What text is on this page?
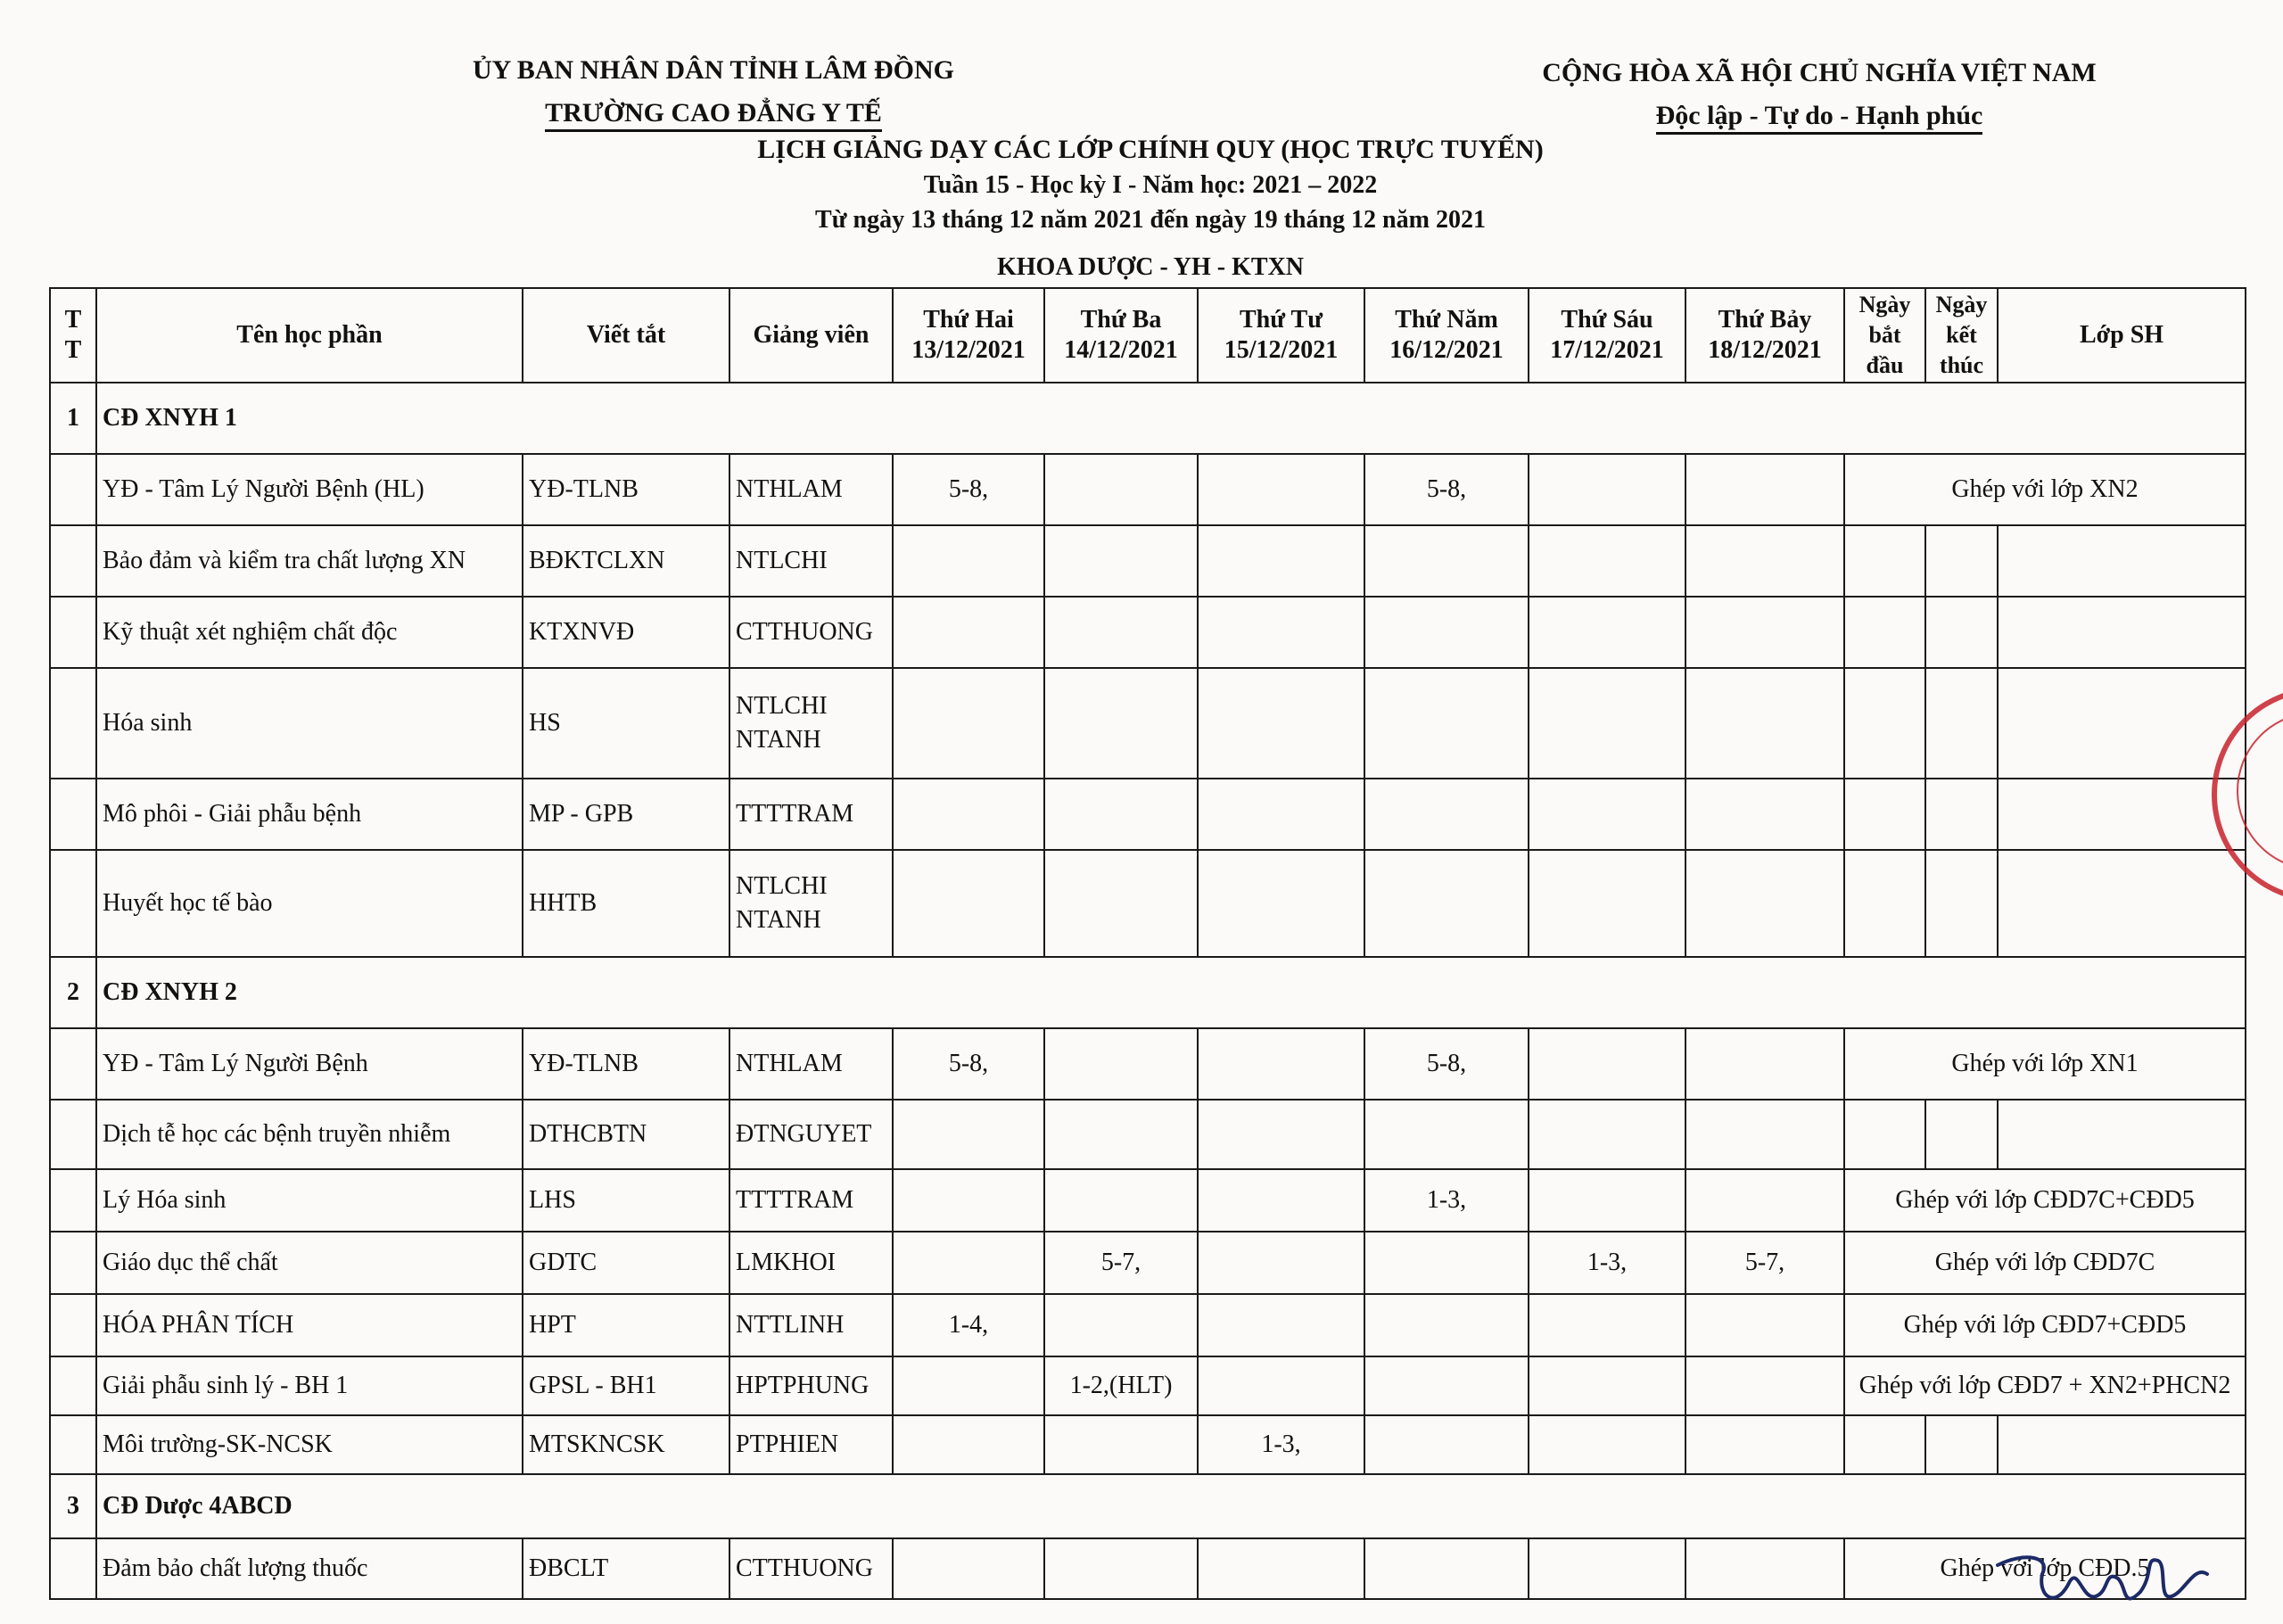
ỦY BAN NHÂN DÂN TỈNH LÂM ĐỒNG
TRƯỜNG CAO ĐẲNG Y TẾ
CỘNG HÒA XÃ HỘI CHỦ NGHĨA VIỆT NAM
Độc lập - Tự do - Hạnh phúc
LỊCH GIẢNG DẠY CÁC LỚP CHÍNH QUY (HỌC TRỰC TUYẾN)
Tuần 15 - Học kỳ I - Năm học: 2021 – 2022
Từ ngày 13 tháng 12 năm 2021 đến ngày 19 tháng 12 năm 2021
KHOA DƯỢC - YH - KTXN
T T	Tên học phần	Viết tắt	Giảng viên	Thứ Hai 13/12/2021	Thứ Ba 14/12/2021	Thứ Tư 15/12/2021	Thứ Năm 16/12/2021	Thứ Sáu 17/12/2021	Thứ Bảy 18/12/2021	Ngày bắt đầu	Ngày kết thúc	Lớp SH
1	CĐ XNYH 1											
	YĐ - Tâm Lý Người Bệnh (HL)	YĐ-TLNB	NTHLAM	5-8,			5-8,			Ghép với lớp XN2		
	Bảo đảm và kiểm tra chất lượng XN	BĐKTCLXN	NTLCHI									

	Kỹ thuật xét nghiệm chất độc	KTXNVĐ	CTTHUONG									

	Hóa sinh	HS	NTLCHI
NTANH									

	Mô phôi - Giải phẫu bệnh	MP - GPB	TTTTRAM									

	Huyết học tế bào	HHTB	NTLCHI
NTANH									

2	CĐ XNYH 2											
	YĐ - Tâm Lý Người Bệnh	YĐ-TLNB	NTHLAM	5-8,			5-8,			Ghép với lớp XN1		
	Dịch tễ học các bệnh truyền nhiễm	DTHCBTN	ĐTNGUYET									

	Lý Hóa sinh	LHS	TTTTRAM				1-3,			Ghép với lớp CĐD7C+CĐD5		
	Giáo dục thể chất	GDTC	LMKHOI		5-7,			1-3,	5-7,	Ghép với lớp CĐD7C		
	HÓA PHÂN TÍCH	HPT	NTTLINH	1-4,						Ghép với lớp CĐD7+CĐD5		
	Giải phẫu sinh lý - BH 1	GPSL - BH1	HPTPHUNG		1-2,(HLT)					Ghép với lớp CĐD7 + XN2+PHCN2		
	Môi trường-SK-NCSK	MTSKNCSK	PTPHIEN			1-3,						
3	CĐ Dược 4ABCD											
	Đảm bảo chất lượng thuốc	ĐBCLT	CTTHUONG							Ghép với lớp CĐD.5		
